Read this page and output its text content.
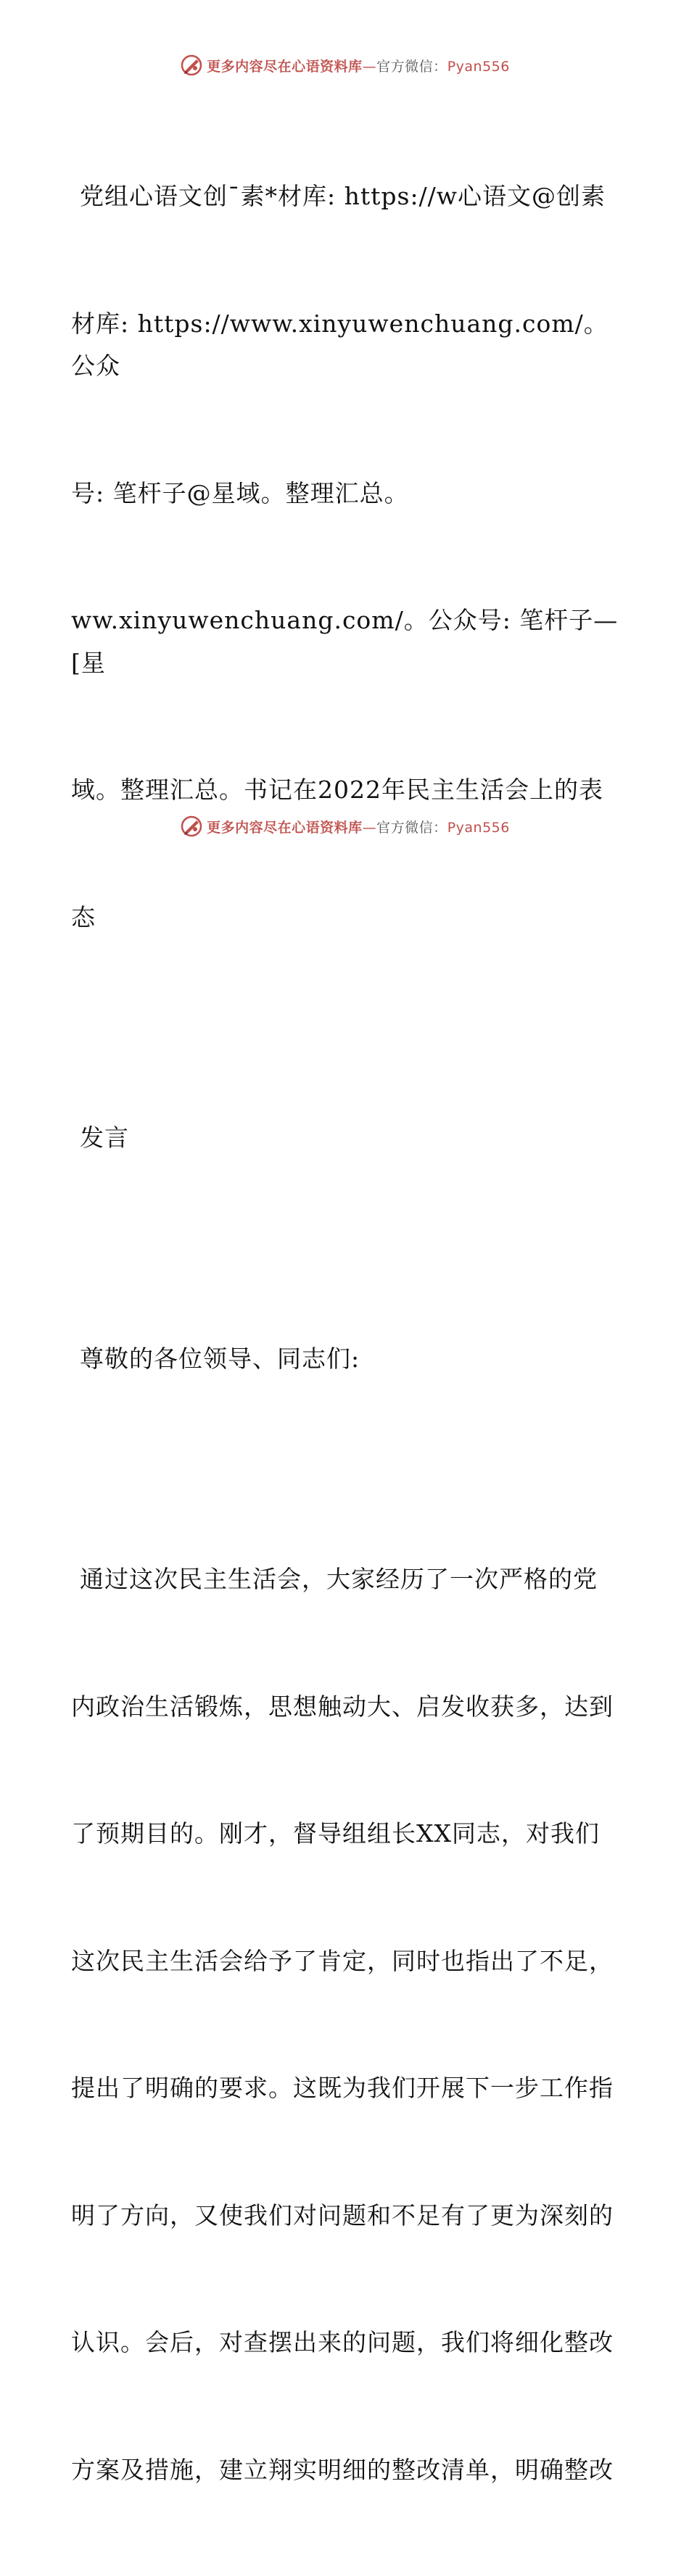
更多内容尽在心语资料库—官方微信：Pyan556

党组心语文创¯素*材库: https://w心语文@创素

材库: https://www.xinyuwenchuang.com/。公众

号: 笔杆子@星域。整理汇总。

ww.xinyuwenchuang.com/。公众号: 笔杆子—[星

域。整理汇总。书记在2022年民主生活会上的表

态

发言

尊敬的各位领导、同志们:

通过这次民主生活会，大家经历了一次严格的党

内政治生活锻炼，思想触动大、启发收获多，达到

了预期目的。刚才，督导组组长XX同志，对我们

这次民主生活会给予了肯定，同时也指出了不足，

提出了明确的要求。这既为我们开展下一步工作指

明了方向，又使我们对问题和不足有了更为深刻的

认识。会后，对查摆出来的问题，我们将细化整改

方案及措施，建立翔实明细的整改清单，明确整改

更多内容尽在心语资料库—官方微信：Pyan556
